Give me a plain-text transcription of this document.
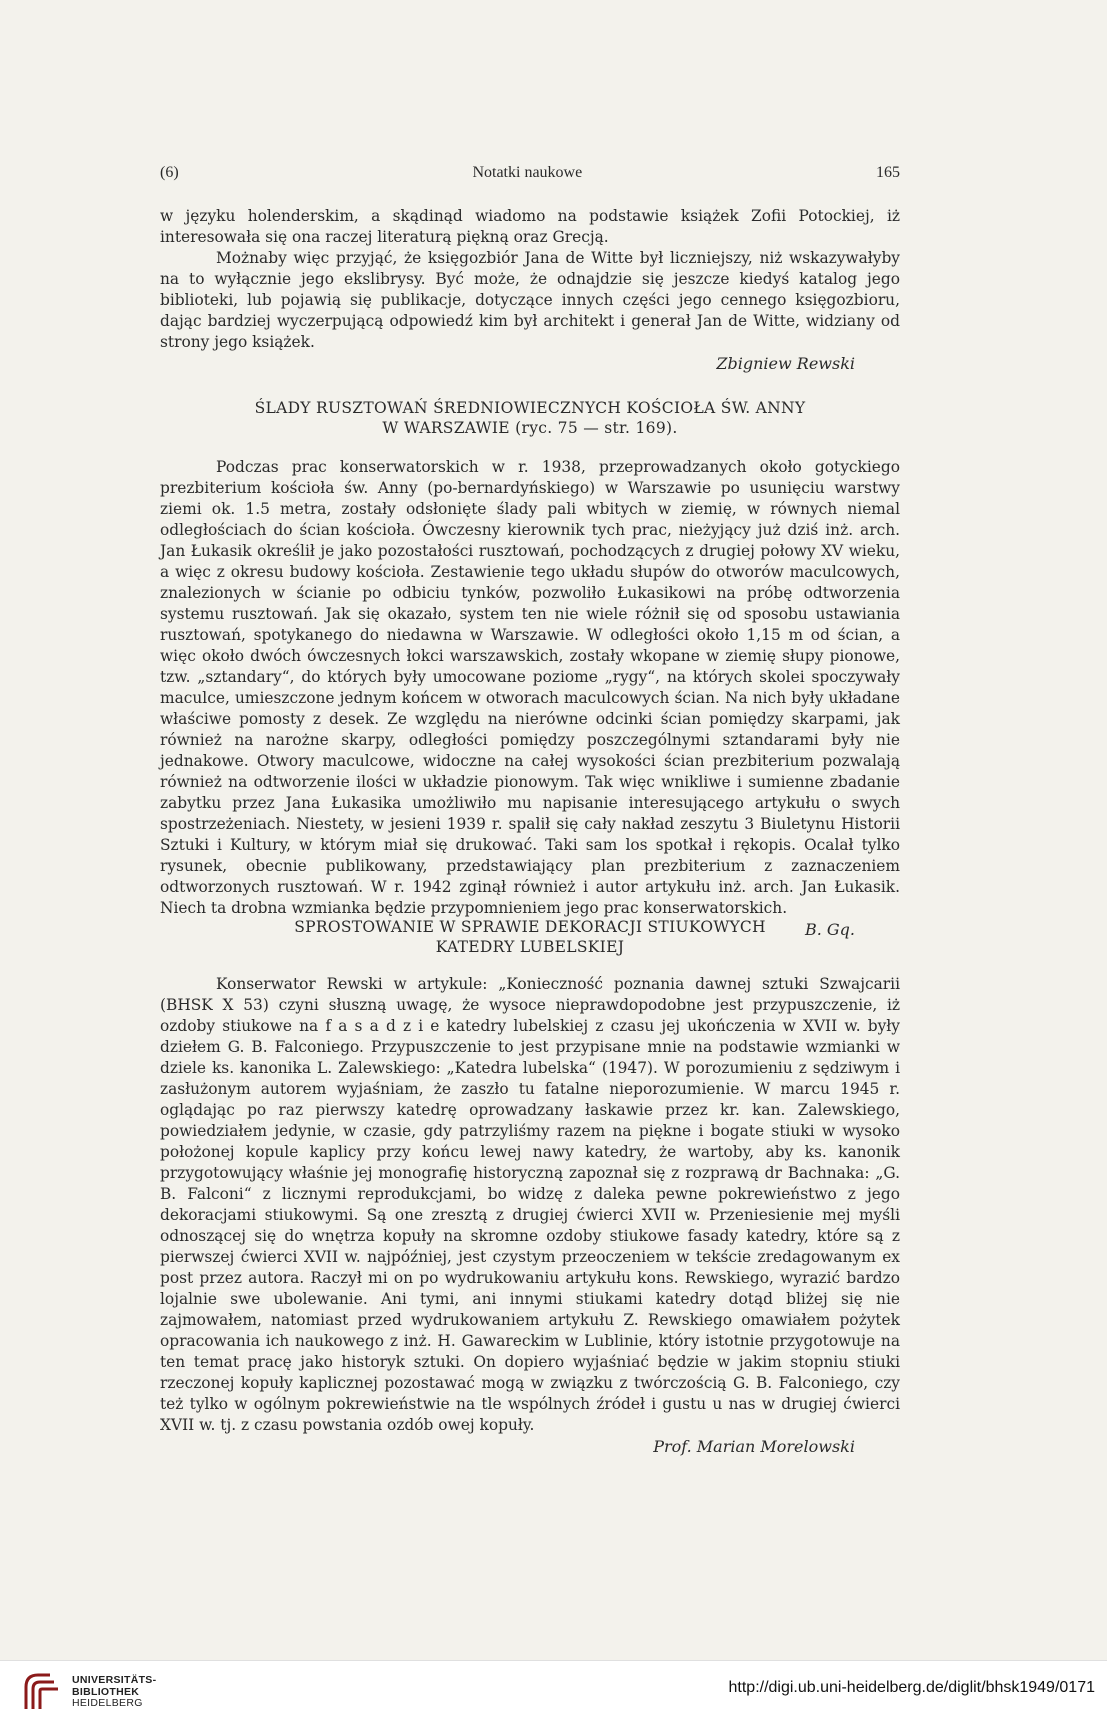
(6)	Notatki naukowe	165

w języku holenderskim, a skądinąd wiadomo na podstawie książek Zofii Potockiej, iż interesowała się ona raczej literaturą piękną oraz Grecją.

Możnaby więc przyjąć, że księgozbiór Jana de Witte był liczniejszy, niż wskazywałyby na to wyłącznie jego ekslibrysy. Być może, że odnajdzie się jeszcze kiedyś katalog jego biblioteki, lub pojawią się publikacje, dotyczące innych części jego cennego księgozbioru, dając bardziej wyczerpującą odpowiedź kim był architekt i generał Jan de Witte, widziany od strony jego książek.

Zbigniew Rewski

ŚLADY RUSZTOWAŃ ŚREDNIOWIECZNYCH KOŚCIOŁA ŚW. ANNY
W WARSZAWIE (ryc. 75 — str. 169).

Podczas prac konserwatorskich w r. 1938, przeprowadzanych około gotyckiego prezbiterium kościoła św. Anny (po-bernardyńskiego) w Warszawie po usunięciu warstwy ziemi ok. 1.5 metra, zostały odsłonięte ślady pali wbitych w ziemię, w równych niemal odległościach do ścian kościoła. Ówczesny kierownik tych prac, nieżyjący już dziś inż. arch. Jan Łukasik określił je jako pozostałości rusztowań, pochodzących z drugiej połowy XV wieku, a więc z okresu budowy kościoła. Zestawienie tego układu słupów do otworów maculcowych, znalezionych w ścianie po odbiciu tynków, pozwoliło Łukasikowi na próbę odtworzenia systemu rusztowań. Jak się okazało, system ten nie wiele różnił się od sposobu ustawiania rusztowań, spotykanego do niedawna w Warszawie. W odległości około 1,15 m od ścian, a więc około dwóch ówczesnych łokci warszawskich, zostały wkopane w ziemię słupy pionowe, tzw. „sztandary“, do których były umocowane poziome „rygy“, na których skolei spoczywały maculce, umieszczone jednym końcem w otworach maculcowych ścian. Na nich były układane właściwe pomosty z desek. Ze względu na nierówne odcinki ścian pomiędzy skarpami, jak również na narożne skarpy, odległości pomiędzy poszczególnymi sztandarami były nie jednakowe. Otwory maculcowe, widoczne na całej wysokości ścian prezbiterium pozwalają również na odtworzenie ilości w układzie pionowym. Tak więc wnikliwe i sumienne zbadanie zabytku przez Jana Łukasika umożliwiło mu napisanie interesującego artykułu o swych spostrzeżeniach. Niestety, w jesieni 1939 r. spalił się cały nakład zeszytu 3 Biuletynu Historii Sztuki i Kultury, w którym miał się drukować. Taki sam los spotkał i rękopis. Ocalał tylko rysunek, obecnie publikowany, przedstawiający plan prezbiterium z zaznaczeniem odtworzonych rusztowań. W r. 1942 zginął również i autor artykułu inż. arch. Jan Łukasik. Niech ta drobna wzmianka będzie przypomnieniem jego prac konserwatorskich.

B. Gq.

SPROSTOWANIE W SPRAWIE DEKORACJI STIUKOWYCH
KATEDRY LUBELSKIEJ

Konserwator Rewski w artykule: „Konieczność poznania dawnej sztuki Szwajcarii (BHSK X 53) czyni słuszną uwagę, że wysoce nieprawdopodobne jest przypuszczenie, iż ozdoby stiukowe na f a s a d z i e katedry lubelskiej z czasu jej ukończenia w XVII w. były dziełem G. B. Falconiego. Przypuszczenie to jest przypisane mnie na podstawie wzmianki w dziele ks. kanonika L. Zalewskiego: „Katedra lubelska“ (1947). W porozumieniu z sędziwym i zasłużonym autorem wyjaśniam, że zaszło tu fatalne nieporozumienie. W marcu 1945 r. oglądając po raz pierwszy katedrę oprowadzany łaskawie przez kr. kan. Zalewskiego, powiedziałem jedynie, w czasie, gdy patrzyliśmy razem na piękne i bogate stiuki w wysoko położonej kopule kaplicy przy końcu lewej nawy katedry, że wartoby, aby ks. kanonik przygotowujący właśnie jej monografię historyczną zapoznał się z rozprawą dr Bachnaka: „G. B. Falconi“ z licznymi reprodukcjami, bo widzę z daleka pewne pokrewieństwo z jego dekoracjami stiukowymi. Są one zresztą z drugiej ćwierci XVII w. Przeniesienie mej myśli odnoszącej się do wnętrza kopuły na skromne ozdoby stiukowe fasady katedry, które są z pierwszej ćwierci XVII w. najpóźniej, jest czystym przeoczeniem w tekście zredagowanym ex post przez autora. Raczył mi on po wydrukowaniu artykułu kons. Rewskiego, wyrazić bardzo lojalnie swe ubolewanie. Ani tymi, ani innymi stiukami katedry dotąd bliżej się nie zajmowałem, natomiast przed wydrukowaniem artykułu Z. Rewskiego omawiałem pożytek opracowania ich naukowego z inż. H. Gawareckim w Lublinie, który istotnie przygotowuje na ten temat pracę jako historyk sztuki. On dopiero wyjaśniać będzie w jakim stopniu stiuki rzeczonej kopuły kaplicznej pozostawać mogą w związku z twórczością G. B. Falconiego, czy też tylko w ogólnym pokrewieństwie na tle wspólnych źródeł i gustu u nas w drugiej ćwierci XVII w. tj. z czasu powstania ozdób owej kopuły.

Prof. Marian Morelowski

UNIVERSITÄTS-
BIBLIOTHEK
HEIDELBERG
http://digi.ub.uni-heidelberg.de/diglit/bhsk1949/0171
